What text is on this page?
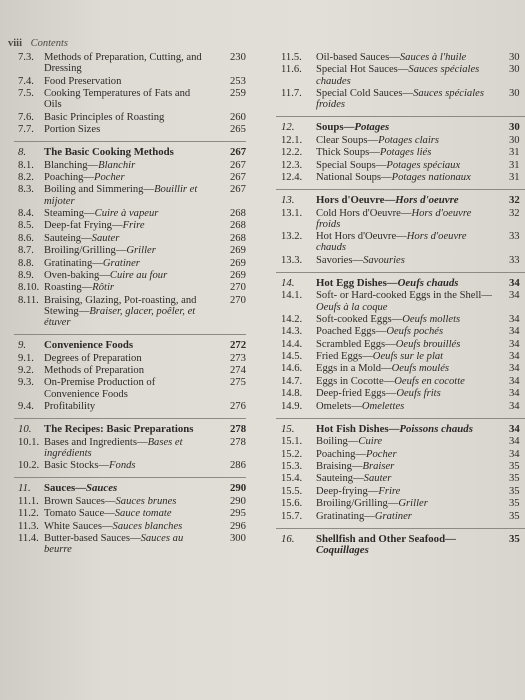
viii Contents
7.3. Methods of Preparation, Cutting, and Dressing
230
7.4. Food Preservation	253
7.5. Cooking Temperatures of Fats and Oils
259
7.6. Basic Principles of Roasting	260
7.7. Portion Sizes	265
8.	The Basic Cooking Methods	267
8.1. Blanching—Blanchir	267
8.2. Poaching—Pocher	267
8.3. Boiling and Simmering—Bouillir et mijoter
267
8.4. Steaming—Cuire à vapeur	268
8.5. Deep-fat Frying—Frire	268
8.6. Sauteing—Sauter	268
8.7. Broiling/Grilling—Griller	269
8.8. Gratinating—Gratiner	269
8.9. Oven-baking—Cuire au four	269
8.10. Roasting—Rôtir	270
8.11. Braising, Glazing, Pot-roasting, and Stewing—Braiser, glacer, poêler, et étuver
270
9.	Convenience Foods	272
9.1. Degrees of Preparation	273
9.2. Methods of Preparation	274
9.3. On-Premise Production of Convenience Foods
275
9.4. Profitability	276
10.	The Recipes: Basic Preparations	278
10.1. Bases and Ingredients—Bases et ingrédients
278
10.2. Basic Stocks—Fonds	286
11.	Sauces—Sauces	290
11.1. Brown Sauces—Sauces brunes	290
11.2. Tomato Sauce—Sauce tomate	295
11.3. White Sauces—Sauces blanches	296
11.4. Butter-based Sauces—Sauces au beurre
300
11.5.	Oil-based Sauces—Sauces à l'huile	30
11.6.	Special Hot Sauces—Sauces spéciales chaudes
30
11.7.	Special Cold Sauces—Sauces spéciales froides
30
12.	Soups—Potages	30
12.1. Clear Soups—Potages clairs	30
12.2. Thick Soups—Potages liés	31
12.3. Special Soups—Potages spéciaux	31
12.4. National Soups—Potages nationaux	31
13.	Hors d'Oeuvre—Hors d'oeuvre	32
13.1. Cold Hors d'Oeuvre—Hors d'oeuvre froids
32
13.2. Hot Hors d'Oeuvre—Hors d'oeuvre chauds
33
13.3. Savories—Savouries	33
14.	Hot Egg Dishes—Oeufs chauds	34
14.1. Soft- or Hard-cooked Eggs in the Shell—Oeufs à la coque
34
14.2. Soft-cooked Eggs—Oeufs mollets	34
14.3. Poached Eggs—Oeufs pochés	34
14.4. Scrambled Eggs—Oeufs brouillés	34
14.5. Fried Eggs—Oeufs sur le plat	34
14.6. Eggs in a Mold—Oeufs moulés	34
14.7. Eggs in Cocotte—Oeufs en cocotte	34
14.8. Deep-fried Eggs—Oeufs frits	34
14.9. Omelets—Omelettes	34
15.	Hot Fish Dishes—Poissons chauds	34
15.1. Boiling—Cuire	34
15.2. Poaching—Pocher	34
15.3. Braising—Braiser	35
15.4. Sauteing—Sauter	35
15.5. Deep-frying—Frire	35
15.6. Broiling/Grilling—Griller	35
15.7. Gratinating—Gratiner	35
16.	Shellfish and Other Seafood—Coquillages
35
